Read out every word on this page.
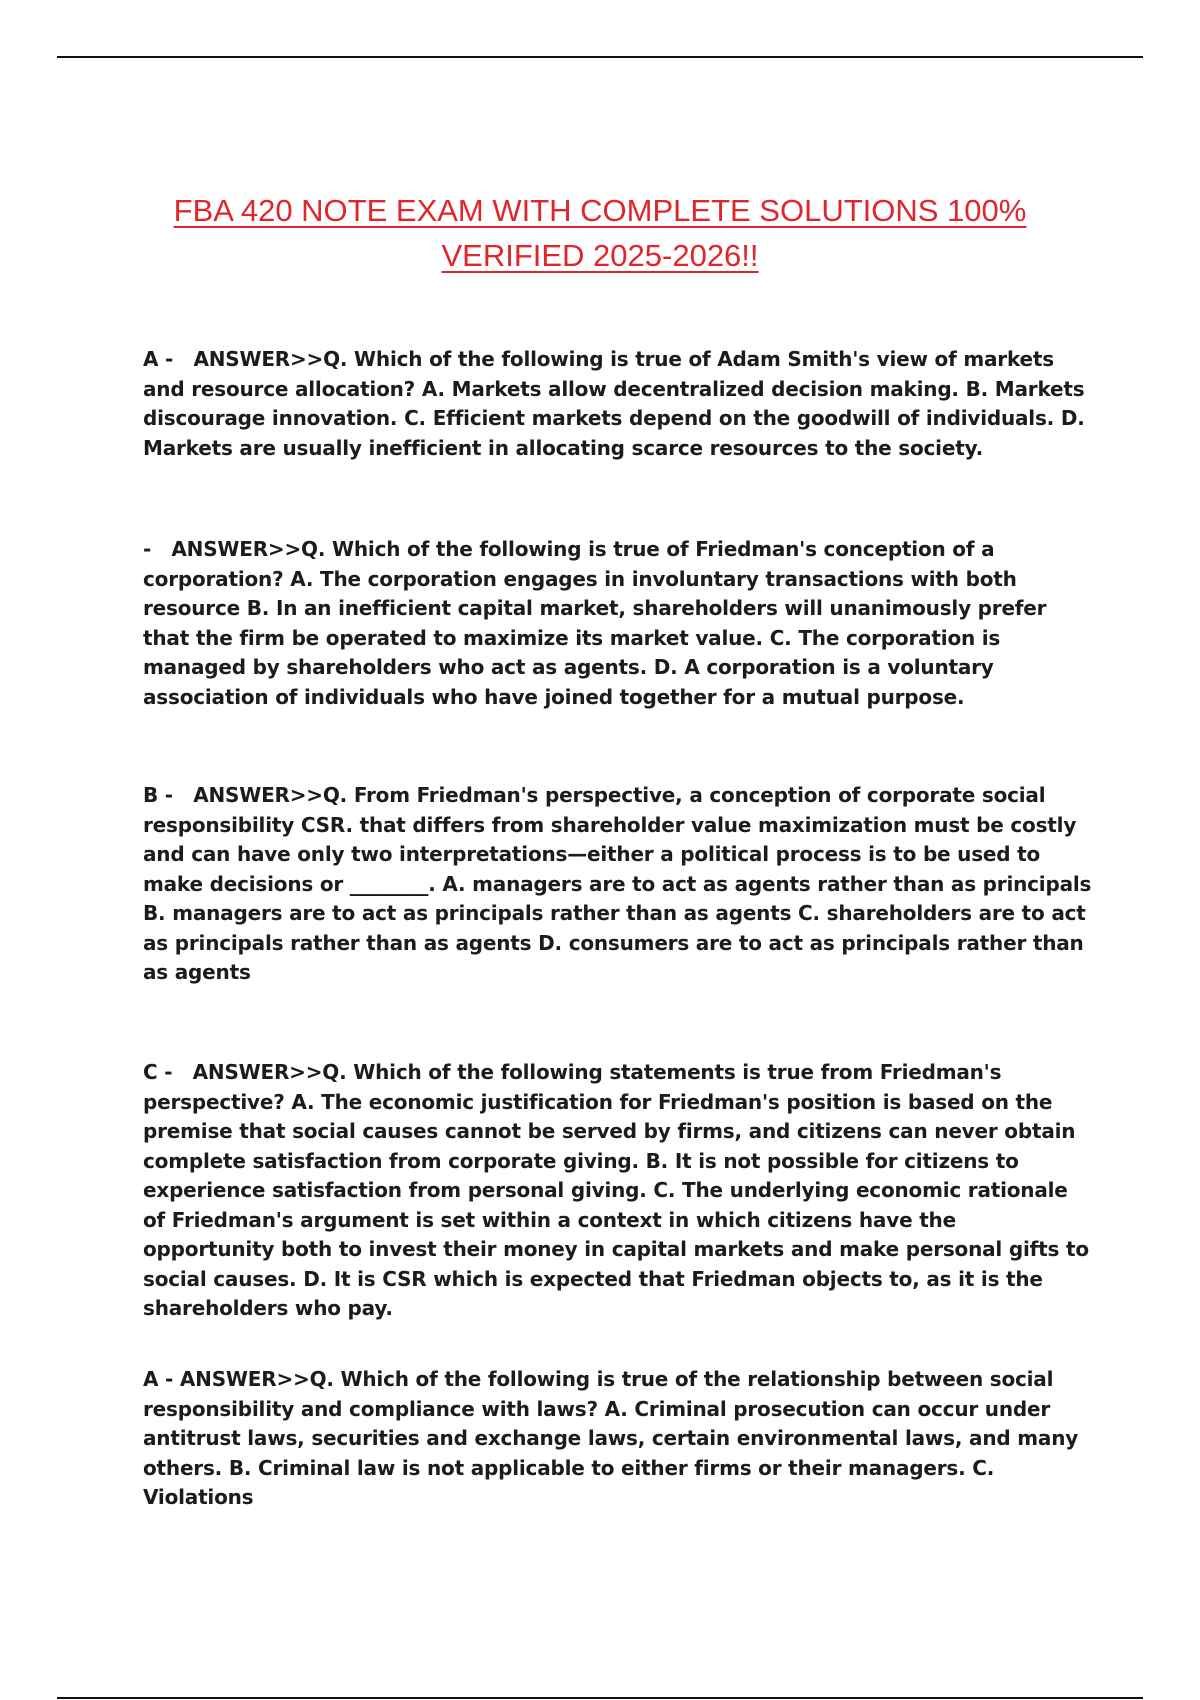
FBA 420 NOTE EXAM WITH COMPLETE SOLUTIONS 100%
VERIFIED 2025-2026!!

A -   ANSWER>>Q. Which of the following is true of Adam Smith's view of markets and resource allocation? A. Markets allow decentralized decision making. B. Markets discourage innovation. C. Efficient markets depend on the goodwill of individuals. D. Markets are usually inefficient in allocating scarce resources to the society.

-   ANSWER>>Q. Which of the following is true of Friedman's conception of a corporation? A. The corporation engages in involuntary transactions with both resource B. In an inefficient capital market, shareholders will unanimously prefer that the firm be operated to maximize its market value. C. The corporation is managed by shareholders who act as agents. D. A corporation is a voluntary association of individuals who have joined together for a mutual purpose.

B -   ANSWER>>Q. From Friedman's perspective, a conception of corporate social responsibility CSR. that differs from shareholder value maximization must be costly and can have only two interpretations—either a political process is to be used to make decisions or ________. A. managers are to act as agents rather than as principals B. managers are to act as principals rather than as agents C. shareholders are to act as principals rather than as agents D. consumers are to act as principals rather than as agents

C -   ANSWER>>Q. Which of the following statements is true from Friedman's perspective? A. The economic justification for Friedman's position is based on the premise that social causes cannot be served by firms, and citizens can never obtain complete satisfaction from corporate giving. B. It is not possible for citizens to experience satisfaction from personal giving. C. The underlying economic rationale of Friedman's argument is set within a context in which citizens have the opportunity both to invest their money in capital markets and make personal gifts to social causes. D. It is CSR which is expected that Friedman objects to, as it is the shareholders who pay.

A - ANSWER>>Q. Which of the following is true of the relationship between social responsibility and compliance with laws? A. Criminal prosecution can occur under antitrust laws, securities and exchange laws, certain environmental laws, and many others. B. Criminal law is not applicable to either firms or their managers. C. Violations
